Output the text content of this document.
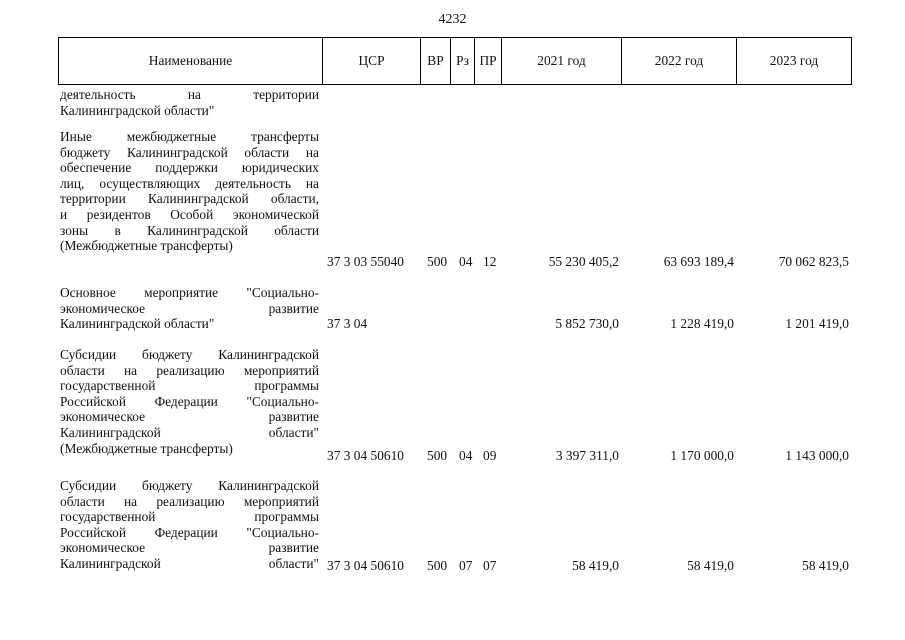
4232
Наименование	ЦСР	ВР Рз ПР	2021 год	2022 год	2023 год
деятельность на территории
Калининградской области"
Иные межбюджетные трансферты
бюджету Калининградской области на
обеспечение поддержки юридических
лиц, осуществляющих деятельность на
территории Калининградской области,
и резидентов Особой экономической
зоны в Калининградской области
(Межбюджетные трансферты)
37 3 03 55040 500 04 12	55 230 405,2	63 693 189,4	70 062 823,5
Основное мероприятие "Социально-
экономическое развитие
Калининградской области"	37 3 04	5 852 730,0	1 228 419,0	1 201 419,0
Субсидии бюджету Калининградской
области на реализацию мероприятий
государственной программы
Российской Федерации "Социально-
экономическое развитие
Калининградской области"
(Межбюджетные трансферты)	37 3 04 50610 500 04 09	3 397 311,0	1 170 000,0	1 143 000,0
Субсидии бюджету Калининградской
области на реализацию мероприятий
государственной программы
Российской Федерации "Социально-
экономическое развитие
Калининградской области" 37 3 04 50610 500 07 07	58 419,0	58 419,0	58 419,0
